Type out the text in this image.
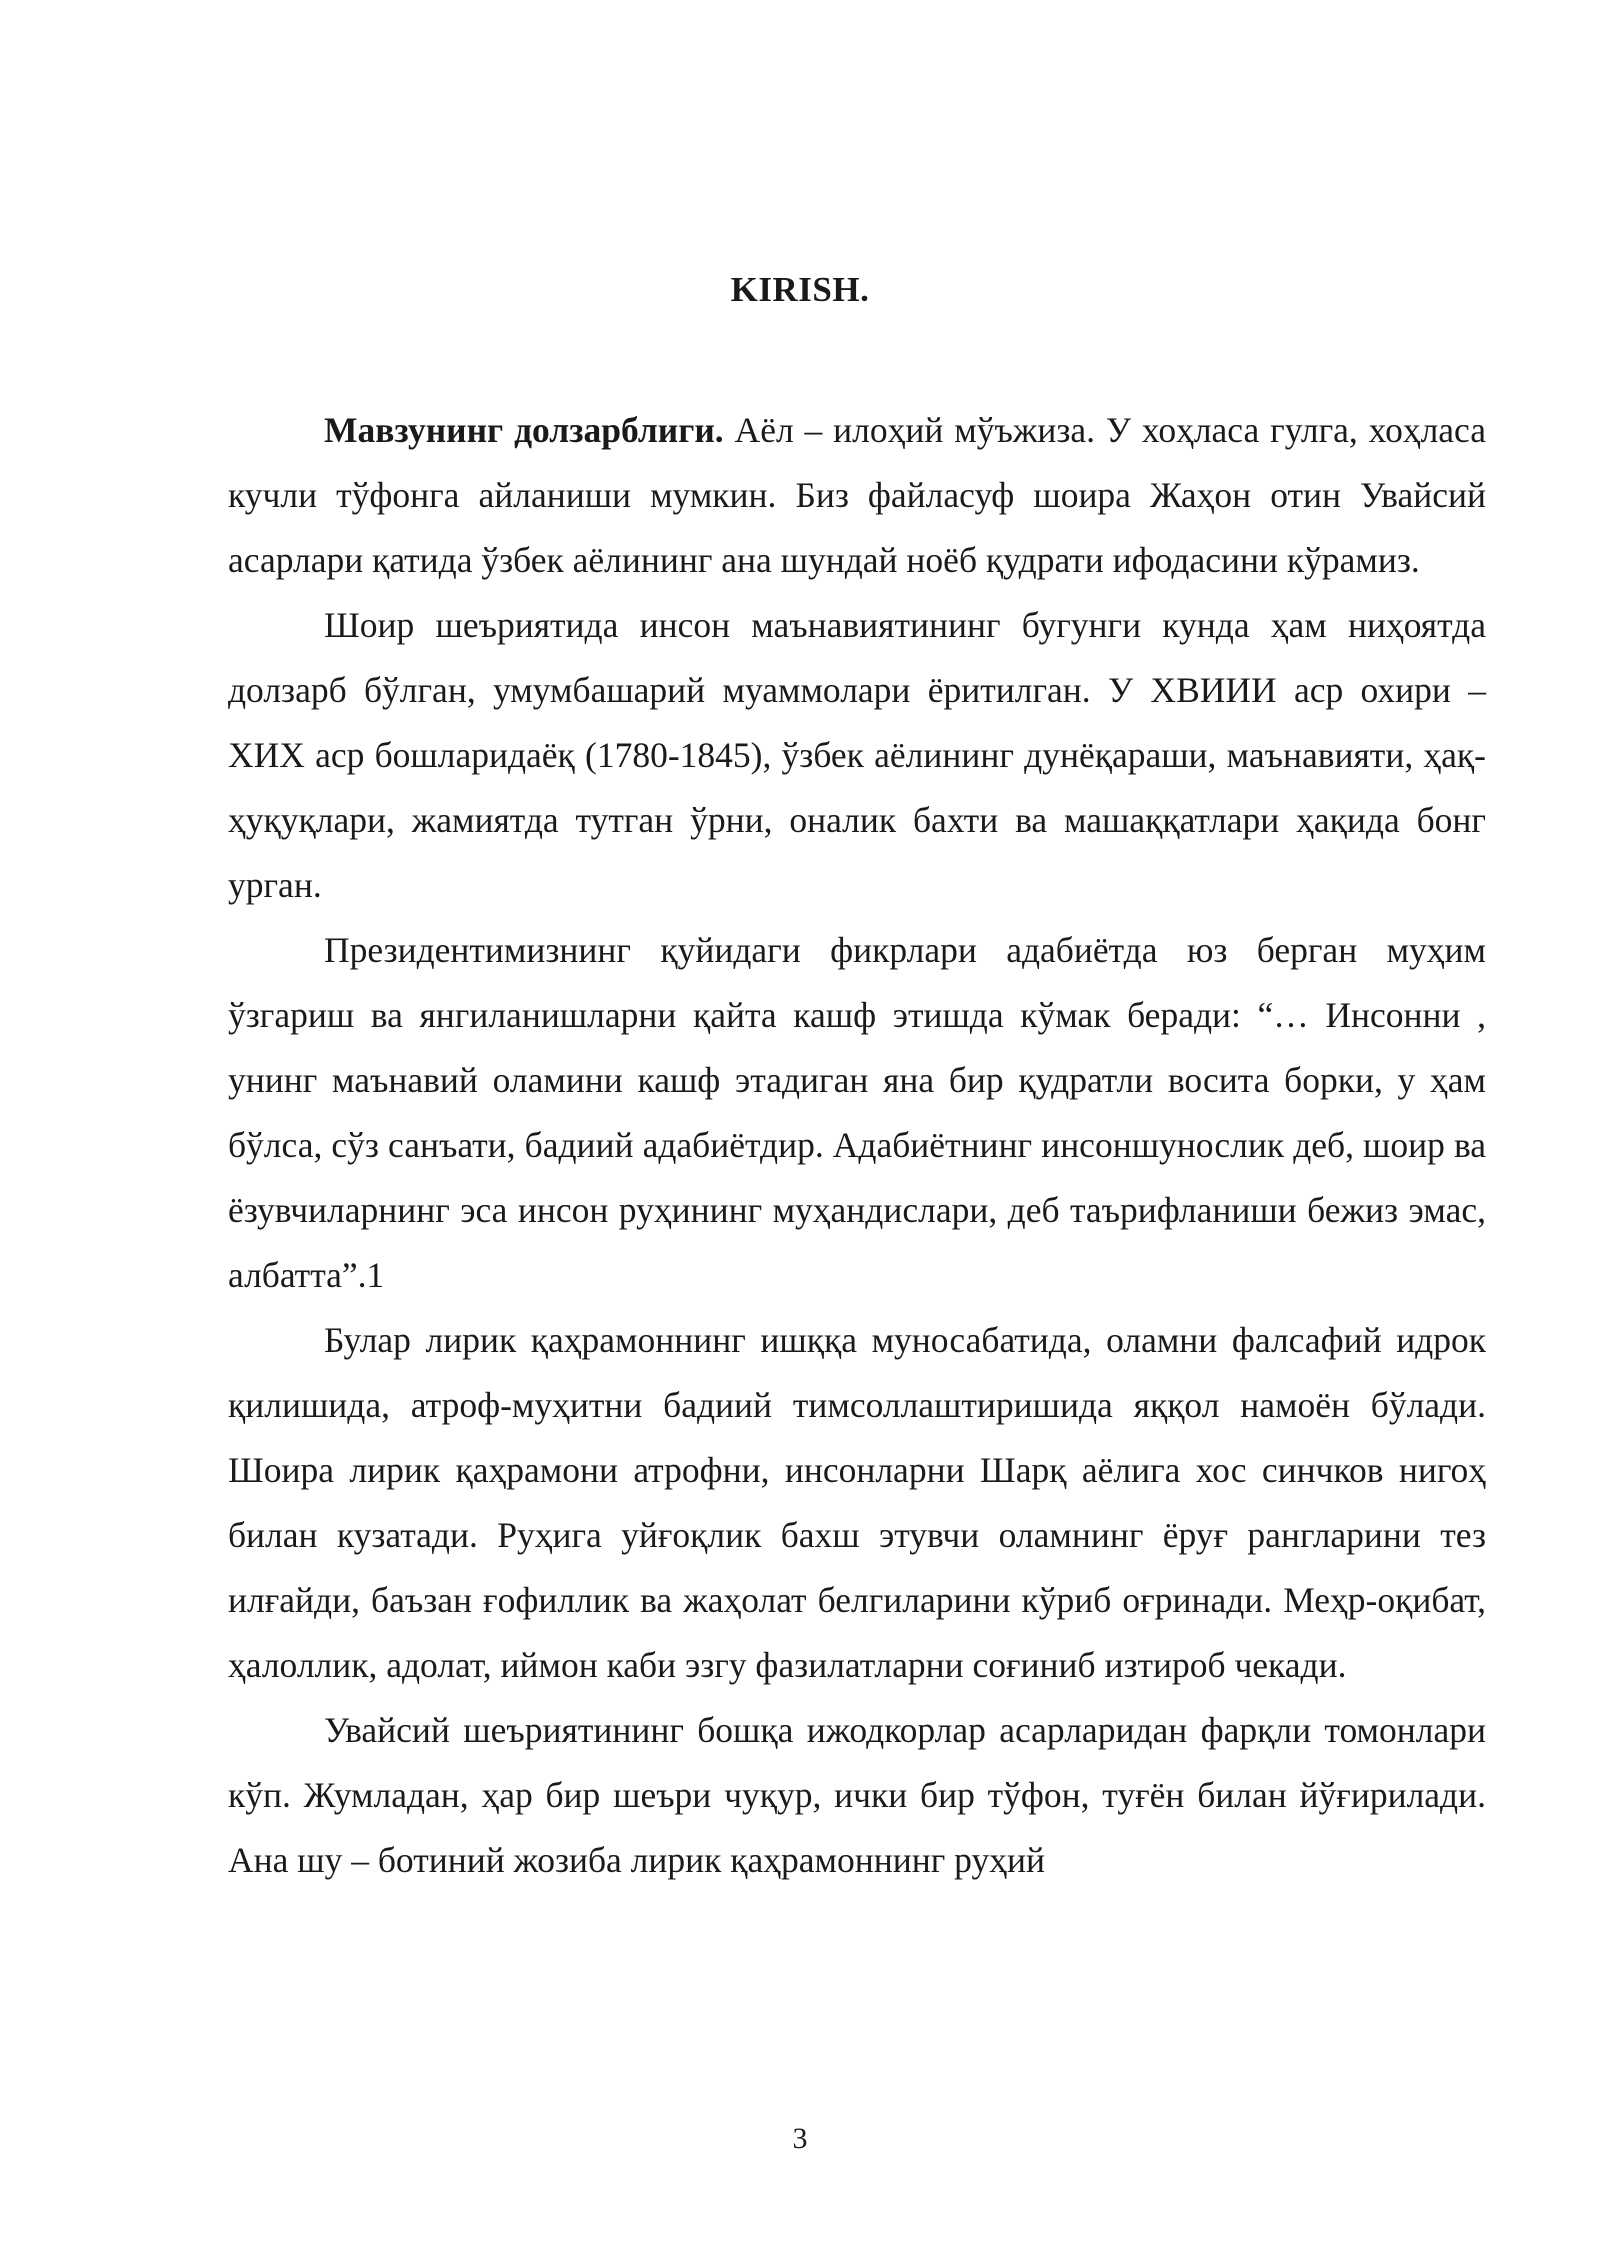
KIRISH.

Мавзунинг долзарблиги. Аёл – илоҳий мўъжиза. У хоҳласа гулга, хоҳласа кучли тўфонга айланиши мумкин. Биз файласуф шоира Жаҳон отин Увайсий асарлари қатида ўзбек аёлининг ана шундай ноёб қудрати ифодасини кўрамиз.

Шоир шеъриятида инсон маънавиятининг бугунги кунда ҳам ниҳоятда долзарб бўлган, умумбашарий муаммолари ёритилган. У ХВИИИ аср охири – ХИХ аср бошларидаёқ (1780-1845), ўзбек аёлининг дунёқараши, маънавияти, ҳақ-ҳуқуқлари, жамиятда тутган ўрни, оналик бахти ва машаққатлари ҳақида бонг урган.

Президентимизнинг қуйидаги фикрлари адабиётда юз берган муҳим ўзгариш ва янгиланишларни қайта кашф этишда кўмак беради: “… Инсонни , унинг маънавий оламини кашф этадиган яна бир қудратли восита борки, у ҳам бўлса, сўз санъати, бадиий адабиётдир. Адабиётнинг инсоншунослик деб, шоир ва ёзувчиларнинг эса инсон руҳининг муҳандислари, деб таърифланиши бежиз эмас, албатта”.1

Булар лирик қаҳрамоннинг ишққа муносабатида, оламни фалсафий идрок қилишида, атроф-муҳитни бадиий тимсоллаштиришида яққол намоён бўлади. Шоира лирик қаҳрамони атрофни, инсонларни Шарқ аёлига хос синчков нигоҳ билан кузатади. Руҳига уйғоқлик бахш этувчи оламнинг ёруғ рангларини тез илғайди, баъзан ғофиллик ва жаҳолат белгиларини кўриб оғринади. Меҳр-оқибат, ҳалоллик, адолат, иймон каби эзгу фазилатларни соғиниб изтироб чекади.

Увайсий шеъриятининг бошқа ижодкорлар асарларидан фарқли томонлари кўп. Жумладан, ҳар бир шеъри чуқур, ички бир тўфон, туғён билан йўғирилади. Ана шу – ботиний жозиба лирик қаҳрамоннинг руҳий

3
